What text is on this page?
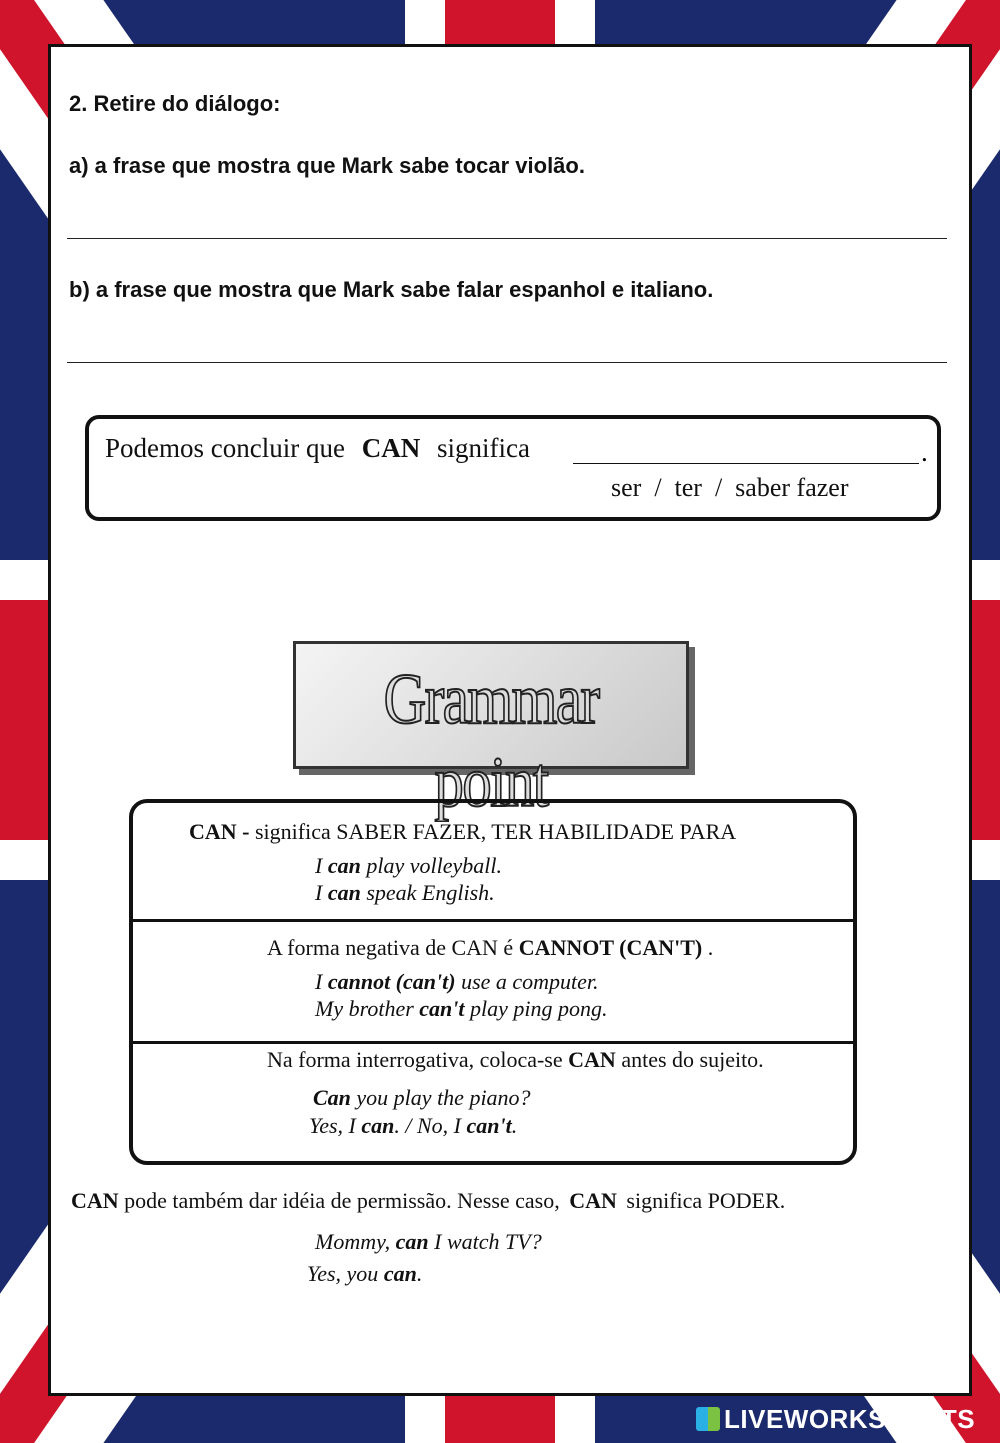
2. Retire do diálogo:
a) a frase que mostra que Mark sabe tocar violão.
b) a frase que mostra que Mark sabe falar espanhol e italiano.
Podemos concluir que CAN significa	.
ser  /  ter  /  saber fazer
Grammar point
CAN - significa SABER FAZER, TER HABILIDADE PARA
I can play volleyball.
I can speak English.
A forma negativa de CAN é CANNOT (CAN'T) .
I cannot (can't) use a computer.
My brother can't play ping pong.
Na forma interrogativa, coloca-se CAN antes do sujeito.
Can you play the piano?
Yes, I can. / No, I can't.
CAN pode também dar idéia de permissão. Nesse caso, CAN significa PODER.
Mommy, can I watch TV?
Yes, you can.
LIVEWORKSHEETS
